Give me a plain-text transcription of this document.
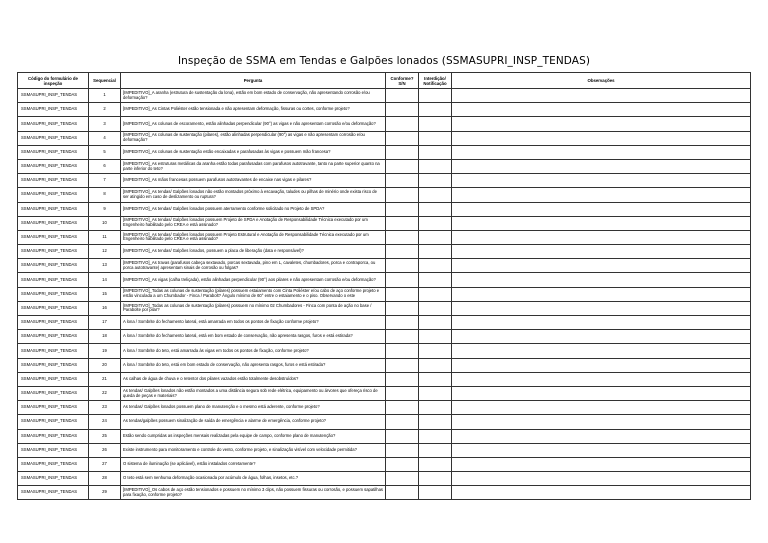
Inspeção de SSMA em Tendas e Galpões lonados (SSMASUPRI_INSP_TENDAS)
Código do formulário de inspeção	Sequencial	Pergunta	Conforme? S/N	Interdição/ Notificação	Observações
SSMASUPRI_INSP_TENDAS	1	[IMPEDITIVO]_A aranha (estrutura de sustentação da lona), estão em bom estado de conservação, não apresentando corrosão e/ou deformação?			
SSMASUPRI_INSP_TENDAS	2	[IMPEDITIVO]_As Cintas Poliéster estão tensionada e não apresentam deformação, fissuras ou cortes, conforme projeto?			
SSMASUPRI_INSP_TENDAS	3	[IMPEDITIVO]_As colunas de escoramento, estão alinhadas perpendicular (90°) as vigas e não apresentam corrosão e/ou deformação?			
SSMASUPRI_INSP_TENDAS	4	[IMPEDITIVO]_As colunas de sustentação (pilares), estão alinhadas perpendicular (90°) as vigas e não apresentam corrosão e/ou deformação?			
SSMASUPRI_INSP_TENDAS	5	[IMPEDITIVO]_As colunas de sustentação estão encaixadas e parafusadas às vigas e possuem mão francesa?			
SSMASUPRI_INSP_TENDAS	6	[IMPEDITIVO]_As estruturas metálicas da aranha estão todas parafusadas com parafusos autotravante, tanto na parte superior quanto na parte inferior do teto?			
SSMASUPRI_INSP_TENDAS	7	[IMPEDITIVO]_As mãos francesas possuem parafusos autotravantes de encaixe nas vigas e pilares?			
SSMASUPRI_INSP_TENDAS	8	[IMPEDITIVO]_As tendas/ Galpões lonados não estão montados próximo à escavação, taludes ou pilhas de minério onde exista risco de ser atingido em caso de deslizamento ou ruptura?			
SSMASUPRI_INSP_TENDAS	9	[IMPEDITIVO]_As tendas/ Galpões lonados possuem aterramento conforme solicitado no Projeto de SPDA?			
SSMASUPRI_INSP_TENDAS	10	[IMPEDITIVO]_As tendas/ Galpões lonados possuem Projeto de SPDA e Anotação de Responsabilidade Técnica executado por um Engenheiro habilitado pelo CREA e está assinado?			
SSMASUPRI_INSP_TENDAS	11	[IMPEDITIVO]_As tendas/ Galpões lonados possuem Projeto Estrutural e Anotação de Responsabilidade Técnica executado por um Engenheiro habilitado pelo CREA e está assinado?			
SSMASUPRI_INSP_TENDAS	12	[IMPEDITIVO]_As tendas/ Galpões lonados, possuem a placa de liberação (data e responsável)?			
SSMASUPRI_INSP_TENDAS	13	[IMPEDITIVO]_As travas (parafusos cabeça sextavado, porcas sextavada, pino em L, cavaletes, chumbadores, porca e contraporca, ou porca autotravante) apresentam sinais de corrosão ou folgas?			
SSMASUPRI_INSP_TENDAS	14	[IMPEDITIVO]_As vigas (calha treliçada), estão alinhadas perpendicular (90°) aos pilares e não apresentam corrosão e/ou deformação?			
SSMASUPRI_INSP_TENDAS	15	[IMPEDITIVO]_Todas as colunas de sustentação (pilares) possuem estaiamento com Cinta Poliéster e/ou cabo de aço conforme projeto e estão vinculada a um Chumbador - Finca / Parabolt? Ângulo mínimo de 60° entre o estaiamento e o piso. Observando o este			
SSMASUPRI_INSP_TENDAS	16	[IMPEDITIVO]_Todas as colunas de sustentação (pilares) possuem no mínimo 02 Chumbadores - Finca com ponta de ação no base / Parabolte por pilar?			
SSMASUPRI_INSP_TENDAS	17	A lona / Sombrite do fechamento lateral, está amarrada em todos os pontos de fixação conforme projeto?			
SSMASUPRI_INSP_TENDAS	18	A lona / Sombrite do fechamento lateral, está em bom estado de conservação, não apresenta rasgos, furos e está estirada?			
SSMASUPRI_INSP_TENDAS	19	A lona / Sombrite do teto, está amarrada às vigas em todos os pontos de fixação, conforme projeto?			
SSMASUPRI_INSP_TENDAS	20	A lona / Sombrite do teto, está em bom estado de conservação, não apresenta rasgos, furos e está estirada?			
SSMASUPRI_INSP_TENDAS	21	As calhas de água de chuva e o retentor dos pilares vazados estão totalmente desobstruídos?			
SSMASUPRI_INSP_TENDAS	22	As tendas/ Galpões lonados não estão montados a uma distância segura sob rede elétrica, equipamento ou árvores que ofereça risco de queda de peças e materiais?			
SSMASUPRI_INSP_TENDAS	23	As tendas/ Galpões lonados possuem plano de manutenção e o mesmo está aderente, conforme projeto?			
SSMASUPRI_INSP_TENDAS	24	As tendas/galpões possuem sinalização de saída de emergência e alarme de emergência, conforme projeto?			
SSMASUPRI_INSP_TENDAS	25	Estão sendo cumpridas as inspeções mensais realizadas pela equipe de campo, conforme plano de manutenção?			
SSMASUPRI_INSP_TENDAS	26	Existe instrumento para monitoramento e controle do vento, conforme projeto, e sinalização visível com velocidade permitida?			
SSMASUPRI_INSP_TENDAS	27	O sistema de iluminação (se aplicável), estão instalados corretamente?			
SSMASUPRI_INSP_TENDAS	28	O teto está sem nenhuma deformação ocasionada por acúmulo de água, folhas, insetos, etc.?			
SSMASUPRI_INSP_TENDAS	29	[IMPEDITIVO]_Os cabos de aço estão tensionados e possuem no mínimo 3 clips, não possuem fissuras ou corrosão, e possuem sapatilhas para fixação, conforme projeto?			
